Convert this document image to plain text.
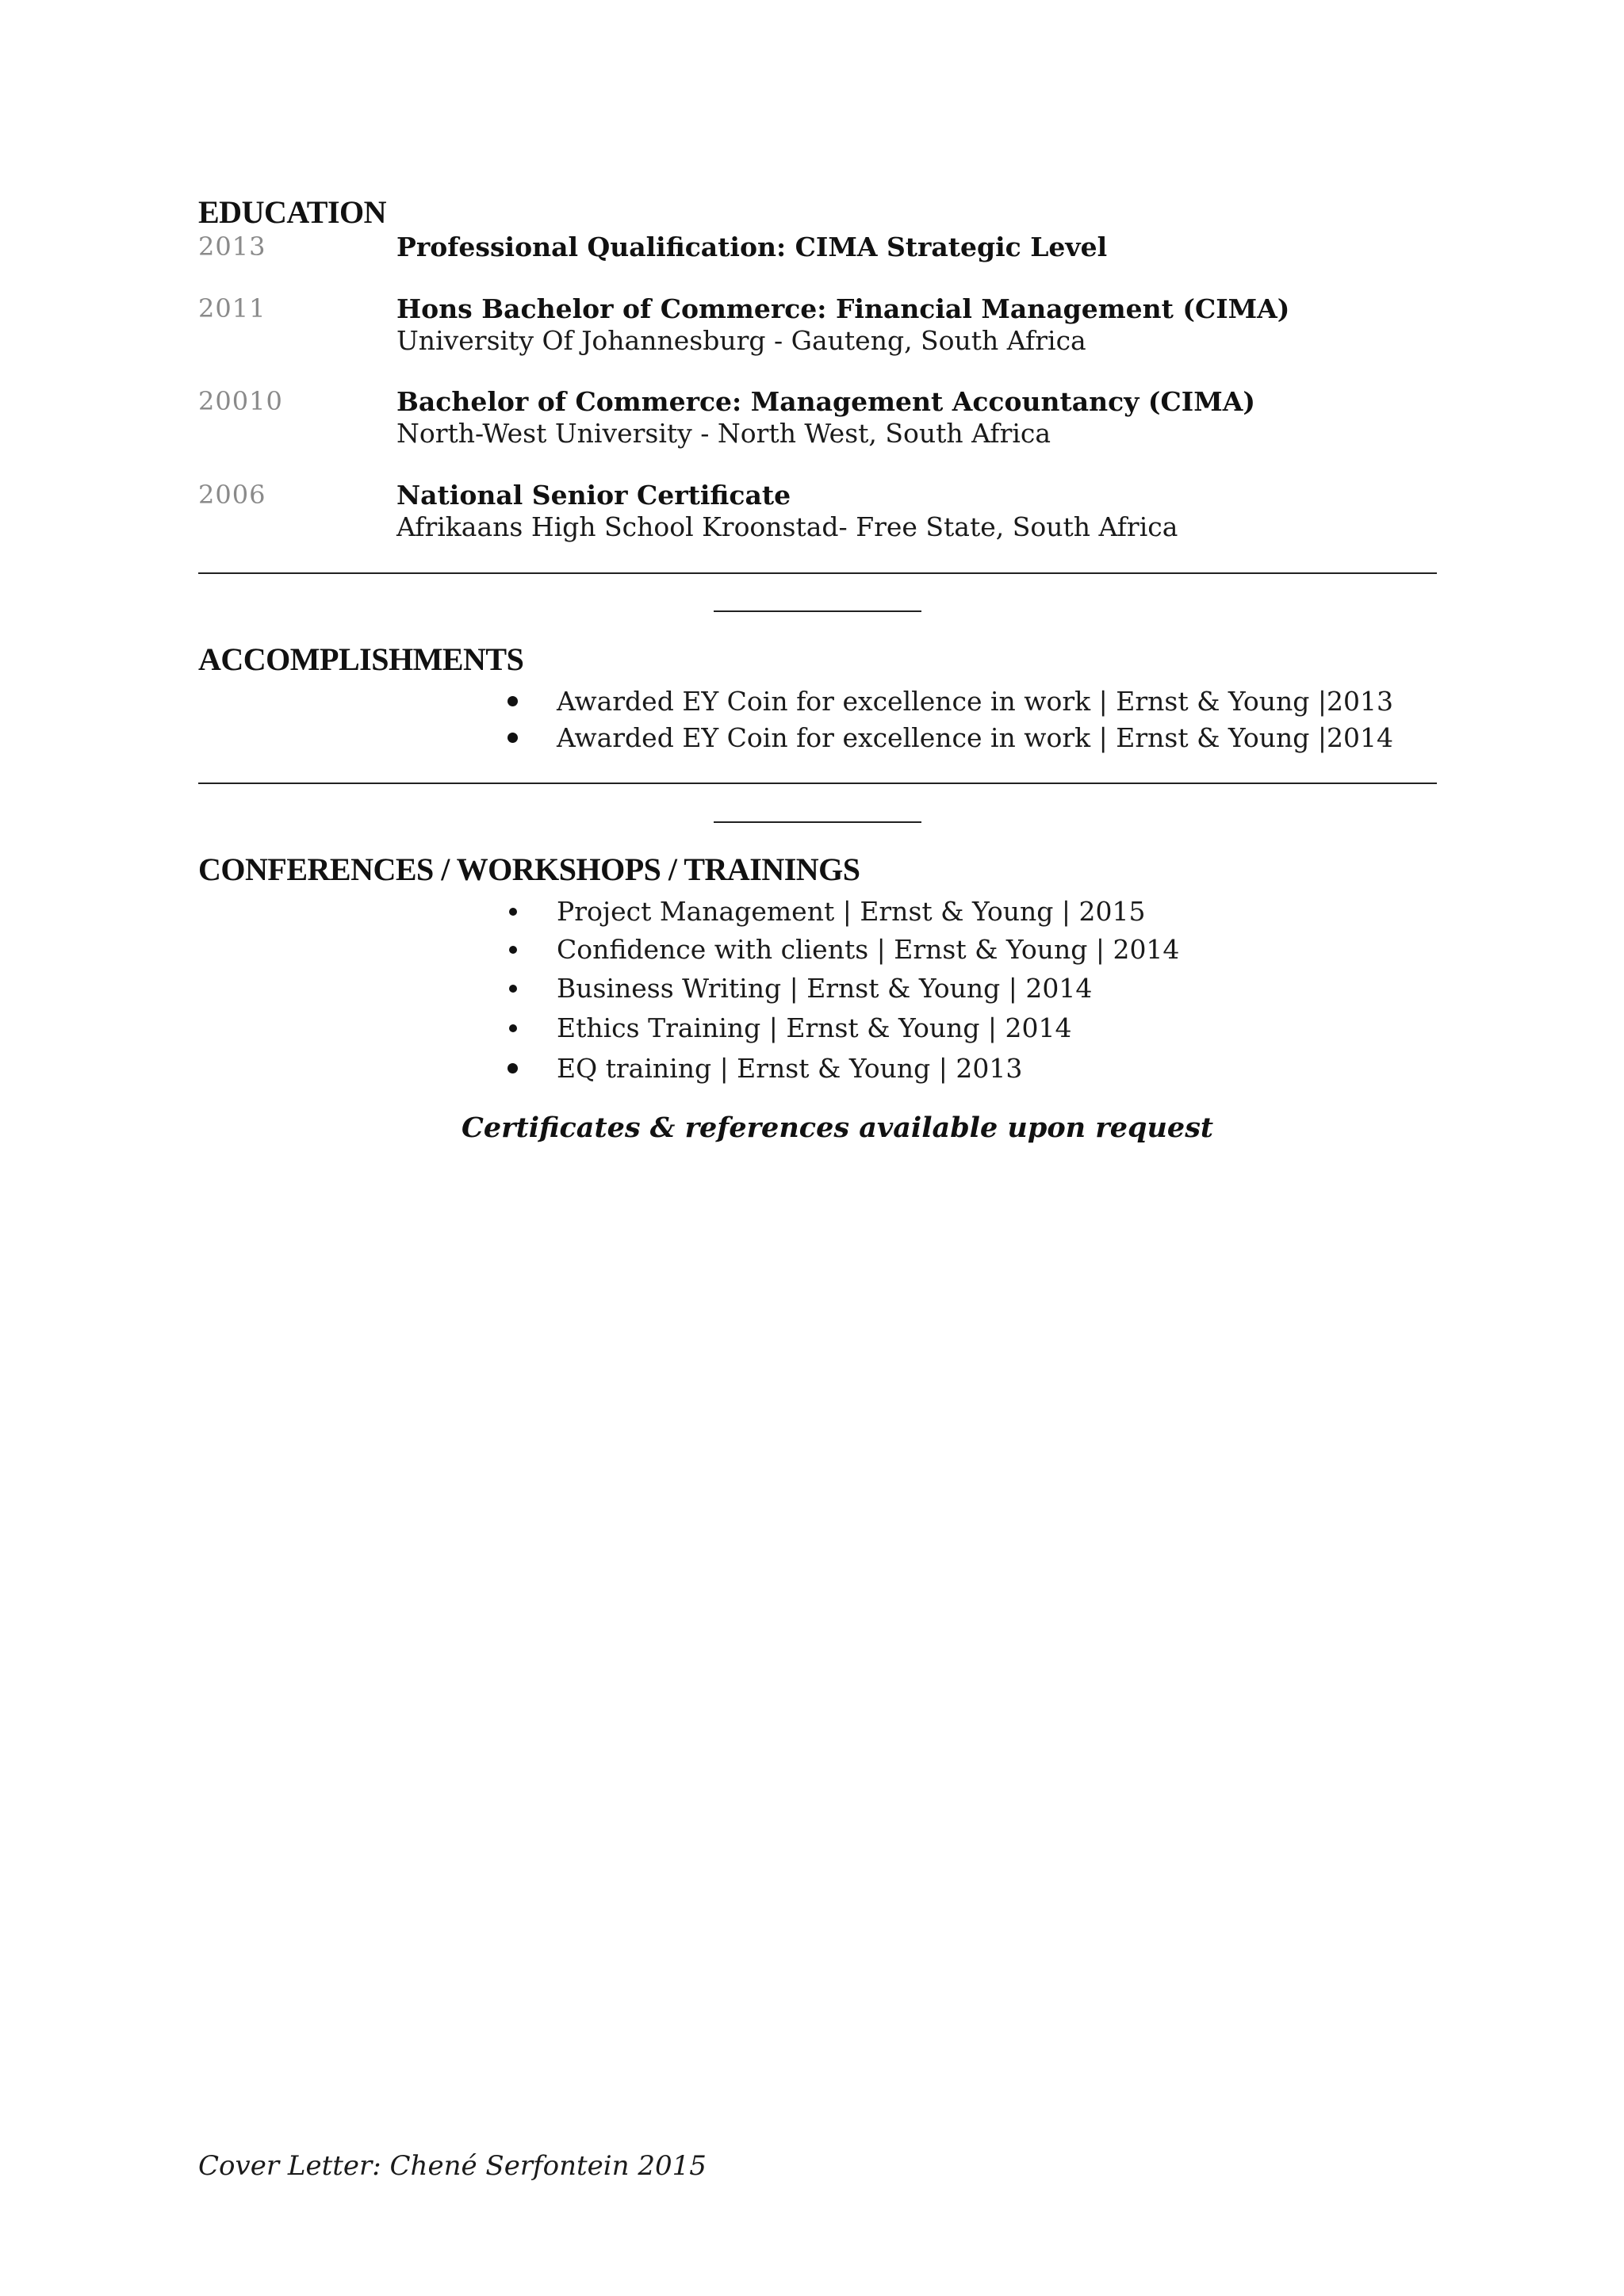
EDUCATION
2013	Professional Qualification: CIMA Strategic Level
2011	Hons Bachelor of Commerce: Financial Management (CIMA)
University Of Johannesburg - Gauteng, South Africa
20010	Bachelor of Commerce: Management Accountancy (CIMA)
North-West University - North West, South Africa
2006	National Senior Certificate
Afrikaans High School Kroonstad- Free State, South Africa
ACCOMPLISHMENTS
Awarded EY Coin for excellence in work | Ernst & Young |2013
Awarded EY Coin for excellence in work | Ernst & Young |2014
CONFERENCES / WORKSHOPS / TRAININGS
Project Management | Ernst & Young | 2015
Confidence with clients | Ernst & Young | 2014
Business Writing | Ernst & Young | 2014
Ethics Training | Ernst & Young | 2014
EQ training | Ernst & Young | 2013
Certificates & references available upon request
Cover Letter: Chené Serfontein 2015
